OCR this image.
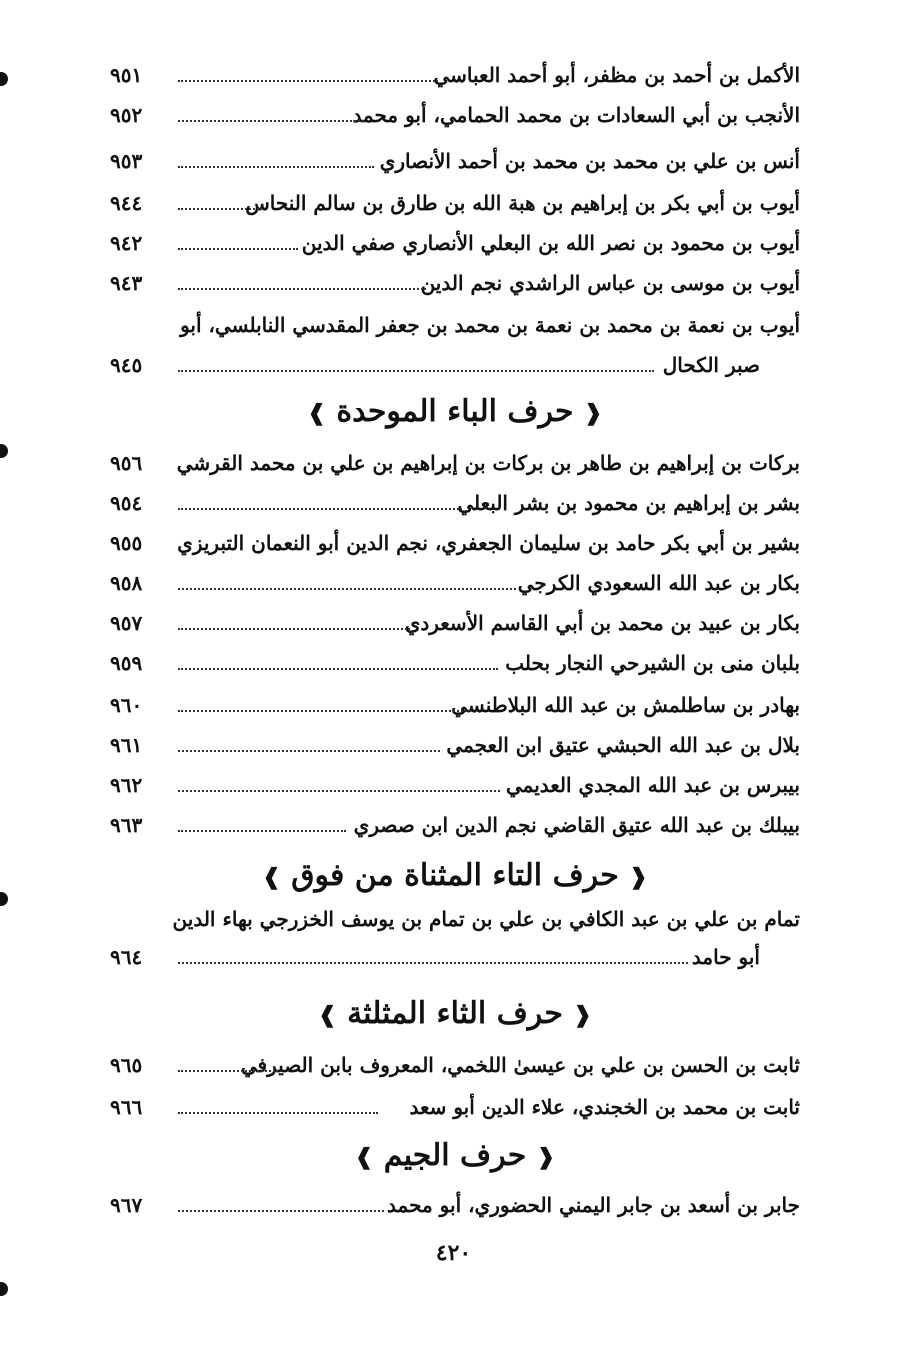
الأكمل بن أحمد بن مظفر، أبو أحمد العباسي
٩٥١
الأنجب بن أبي السعادات بن محمد الحمامي، أبو محمد
٩٥٢
أنس بن علي بن محمد بن محمد بن أحمد الأنصاري
٩٥٣
أيوب بن أبي بكر بن إبراهيم بن هبة الله بن طارق بن سالم النحاس
٩٤٤
أيوب بن محمود بن نصر الله بن البعلي الأنصاري صفي الدين
٩٤٢
أيوب بن موسى بن عباس الراشدي نجم الدين
٩٤٣
أيوب بن نعمة بن محمد بن نعمة بن محمد بن جعفر المقدسي النابلسي، أبو
صبر الكحال
٩٤٥
❰ حرف الباء الموحدة ❱
بركات بن إبراهيم بن طاهر بن بركات بن إبراهيم بن علي بن محمد القرشي
٩٥٦
بشر بن إبراهيم بن محمود بن بشر البعلي
٩٥٤
بشير بن أبي بكر حامد بن سليمان الجعفري، نجم الدين أبو النعمان التبريزي
٩٥٥
بكار بن عبد الله السعودي الكرجي
٩٥٨
بكار بن عبيد بن محمد بن أبي القاسم الأسعردي
٩٥٧
بلبان منى بن الشيرحي النجار بحلب
٩٥٩
بهادر بن ساطلمش بن عبد الله البلاطنسي
٩٦٠
بلال بن عبد الله الحبشي عتيق ابن العجمي
٩٦١
بيبرس بن عبد الله المجدي العديمي
٩٦٢
بيبلك بن عبد الله عتيق القاضي نجم الدين ابن صصري
٩٦٣
❰ حرف التاء المثناة من فوق ❱
تمام بن علي بن عبد الكافي بن علي بن تمام بن يوسف الخزرجي بهاء الدين
أبو حامد
٩٦٤
❰ حرف الثاء المثلثة ❱
ثابت بن الحسن بن علي بن عيسىٰ اللخمي، المعروف بابن الصيرفي
٩٦٥
ثابت بن محمد بن الخجندي، علاء الدين أبو سعد
٩٦٦
❰ حرف الجيم ❱
جابر بن أسعد بن جابر اليمني الحضوري، أبو محمد
٩٦٧
٤٢٠
